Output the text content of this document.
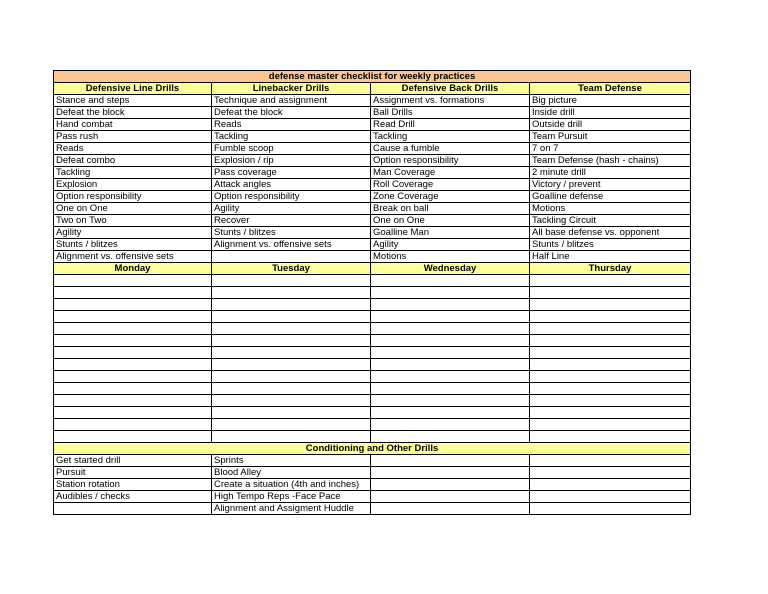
defense master checklist for weekly practices			
Defensive Line Drills	Linebacker Drills	Defensive Back Drills	Team Defense
Stance and steps	Technique and assignment	Assignment vs. formations	Big picture
Defeat the block	Defeat the block	Ball Drills	Inside drill
Hand combat	Reads	Read Drill	Outside drill
Pass rush	Tackling	Tackling	Team Pursuit
Reads	Fumble scoop	Cause a fumble	7 on 7
Defeat combo	Explosion / rip	Option responsibility	Team Defense (hash - chains)
Tackling	Pass coverage	Man Coverage	2 minute drill
Explosion	Attack angles	Roll Coverage	Victory / prevent
Option responsibility	Option responsibility	Zone Coverage	Goalline defense
One on One	Agility	Break on ball	Motions
Two on Two	Recover	One on One	Tackling Circuit
Agility	Stunts / blitzes	Goalline Man	All base defense vs. opponent
Stunts / blitzes	Alignment vs. offensive sets	Agility	Stunts / blitzes
Alignment vs. offensive sets		Motions	Half Line
Monday	Tuesday	Wednesday	Thursday

Conditioning and Other Drills			
Get started drill	Sprints		
Pursuit	Blood Alley		
Station rotation	Create a situation (4th and inches)		
Audibles / checks	High Tempo Reps -Face Pace		
	Alignment and Assigment Huddle		
